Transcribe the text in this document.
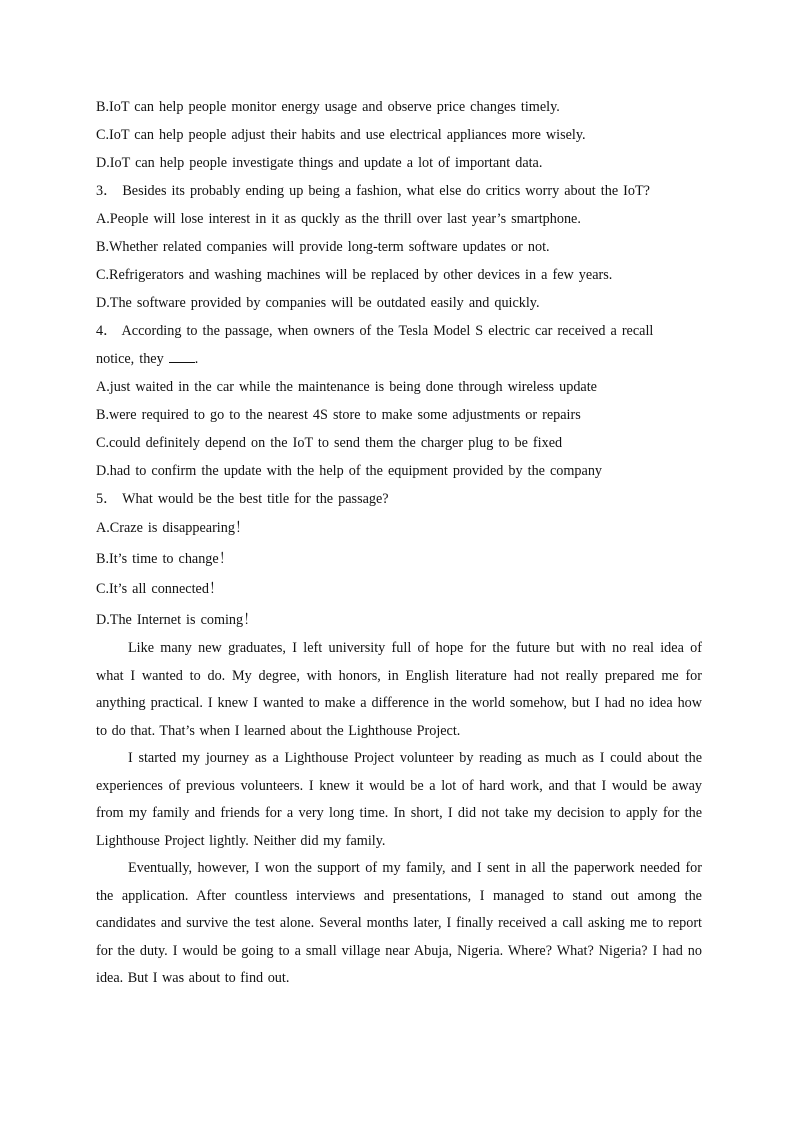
B.IoT can help people monitor energy usage and observe price changes timely.
C.IoT can help people adjust their habits and use electrical appliances more wisely.
D.IoT can help people investigate things and update a lot of important data.
3． Besides its probably ending up being a fashion, what else do critics worry about the IoT?
A.People will lose interest in it as quckly as the thrill over last year’s smartphone.
B.Whether related companies will provide long-term software updates or not.
C.Refrigerators and washing machines will be replaced by other devices in a few years.
D.The software provided by companies will be outdated easily and quickly.
4． According to the passage, when owners of the Tesla Model S electric car received a recall
notice, they .
A.just waited in the car while the maintenance is being done through wireless update
B.were required to go to the nearest 4S store to make some adjustments or repairs
C.could definitely depend on the IoT to send them the charger plug to be fixed
D.had to confirm the update with the help of the equipment provided by the company
5． What would be the best title for the passage?
A.Craze is disappearing！
B.It’s time to change！
C.It’s all connected！
D.The Internet is coming！

Like many new graduates, I left university full of hope for the future but with no real idea of what I wanted to do. My degree, with honors, in English literature had not really prepared me for anything practical. I knew I wanted to make a difference in the world somehow, but I had no idea how to do that. That’s when I learned about the Lighthouse Project.

I started my journey as a Lighthouse Project volunteer by reading as much as I could about the experiences of previous volunteers. I knew it would be a lot of hard work, and that I would be away from my family and friends for a very long time. In short, I did not take my decision to apply for the Lighthouse Project lightly. Neither did my family.

Eventually, however, I won the support of my family, and I sent in all the paperwork needed for the application. After countless interviews and presentations, I managed to stand out among the candidates and survive the test alone. Several months later, I finally received a call asking me to report for the duty. I would be going to a small village near Abuja, Nigeria. Where? What? Nigeria? I had no idea. But I was about to find out.
